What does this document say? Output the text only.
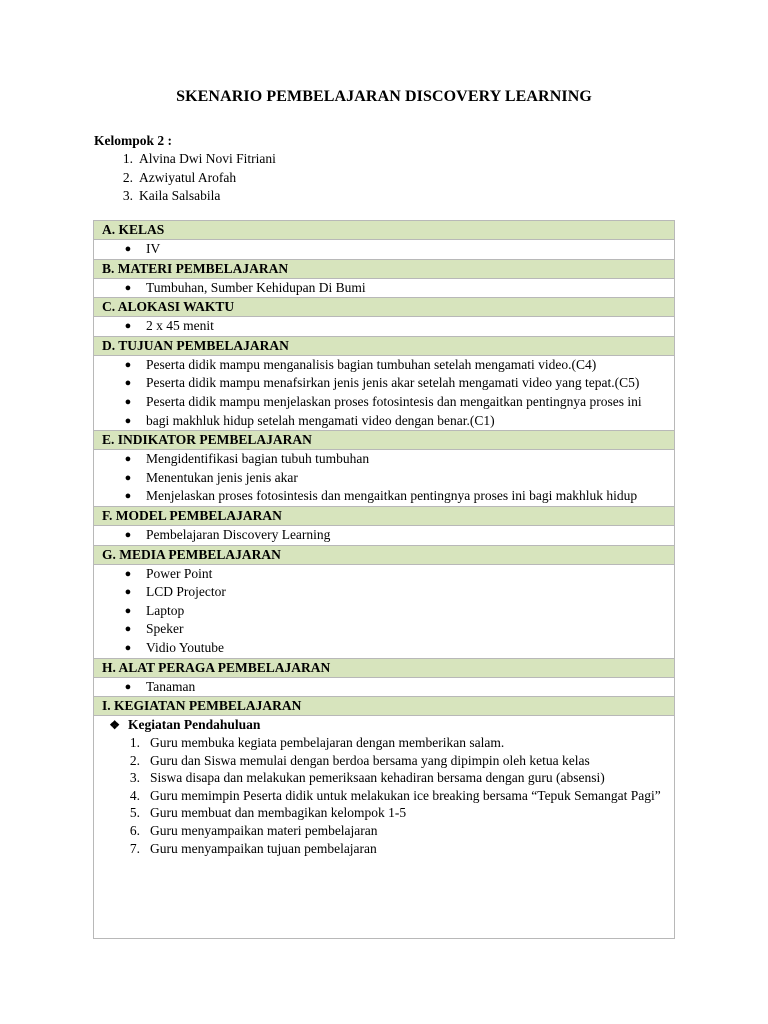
SKENARIO PEMBELAJARAN DISCOVERY LEARNING
Kelompok 2 :
1. Alvina Dwi Novi Fitriani
2. Azwiyatul Arofah
3. Kaila Salsabila
A. KELAS
●	IV
B. MATERI PEMBELAJARAN
●	Tumbuhan, Sumber Kehidupan Di Bumi
C. ALOKASI WAKTU
●	2 x 45 menit
D. TUJUAN PEMBELAJARAN
●	Peserta didik mampu menganalisis bagian tumbuhan setelah mengamati video.(C4)
●	Peserta didik mampu menafsirkan jenis jenis akar setelah mengamati video yang tepat.(C5)
●	Peserta didik mampu menjelaskan proses fotosintesis dan mengaitkan pentingnya proses ini
●	bagi makhluk hidup setelah mengamati video dengan benar.(C1)
E. INDIKATOR PEMBELAJARAN
●	Mengidentifikasi bagian tubuh tumbuhan
●	Menentukan jenis jenis akar
●	Menjelaskan proses fotosintesis dan mengaitkan pentingnya proses ini bagi makhluk hidup
F. MODEL PEMBELAJARAN
●	Pembelajaran Discovery Learning
G. MEDIA PEMBELAJARAN
●	Power Point
●	LCD Projector
●	Laptop
●	Speker
●	Vidio Youtube
H. ALAT PERAGA PEMBELAJARAN
●	Tanaman
I. KEGIATAN PEMBELAJARAN
❖ Kegiatan Pendahuluan
1. Guru membuka kegiata pembelajaran dengan memberikan salam.
2. Guru dan Siswa memulai dengan berdoa bersama yang dipimpin oleh ketua kelas
3. Siswa disapa dan melakukan pemeriksaan kehadiran bersama dengan guru (absensi)
4. Guru memimpin Peserta didik untuk melakukan ice breaking bersama “Tepuk Semangat Pagi”
5. Guru membuat dan membagikan kelompok 1-5
6. Guru menyampaikan materi pembelajaran
7. Guru menyampaikan tujuan pembelajaran
